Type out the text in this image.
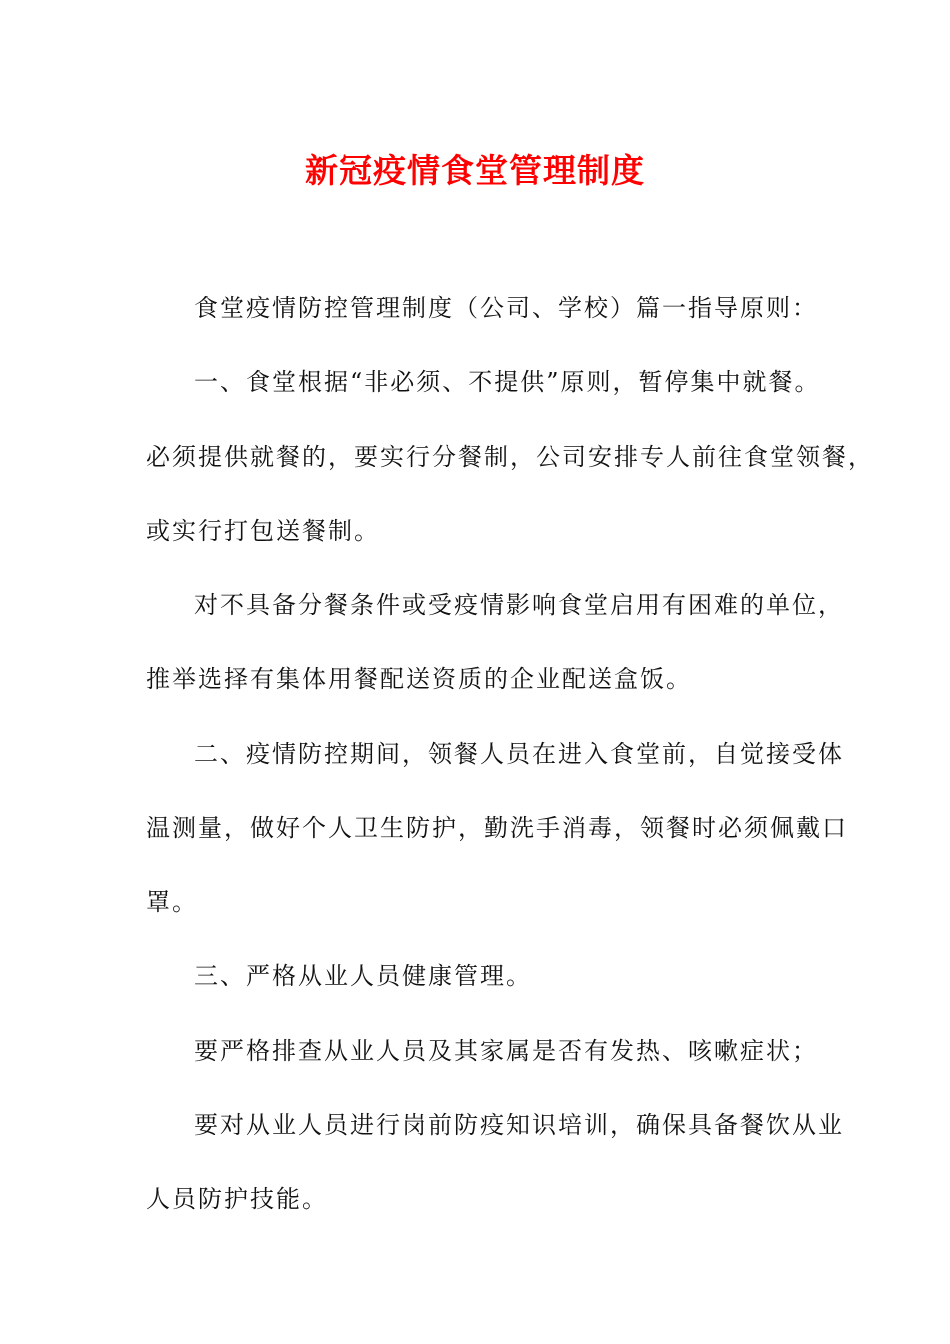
新冠疫情食堂管理制度
食堂疫情防控管理制度（公司、学校）篇一指导原则：
一、食堂根据“非必须、不提供”原则，暂停集中就餐。
必须提供就餐的，要实行分餐制，公司安排专人前往食堂领餐，
或实行打包送餐制。
对不具备分餐条件或受疫情影响食堂启用有困难的单位，
推举选择有集体用餐配送资质的企业配送盒饭。
二、疫情防控期间，领餐人员在进入食堂前，自觉接受体
温测量，做好个人卫生防护，勤洗手消毒，领餐时必须佩戴口
罩。
三、严格从业人员健康管理。
要严格排查从业人员及其家属是否有发热、咳嗽症状；
要对从业人员进行岗前防疫知识培训，确保具备餐饮从业
人员防护技能。
